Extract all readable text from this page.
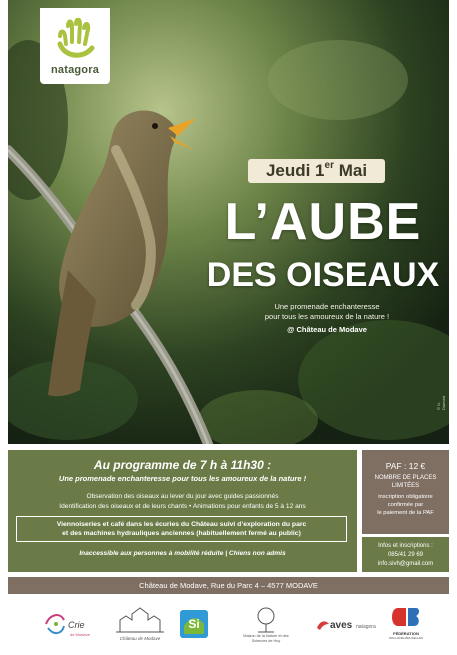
natagora
Jeudi 1er Mai
L’AUBE
DES OISEAUX
Une promenade enchanteresse
pour tous les amoureux de la nature !
@ Château de Modave
© N. Dumont
Au programme de 7 h à 11h30 :
Une promenade enchanteresse pour tous les amoureux de la nature !
Observation des oiseaux au lever du jour avec guides passionnés
Identification des oiseaux et de leurs chants • Animations pour enfants de 5 à 12 ans
Viennoiseries et café dans les écuries du Château suivi d’exploration du parc
et des machines hydrauliques anciennes (habituellement fermé au public)
Inaccessible aux personnes à mobilité réduite | Chiens non admis
PAF : 12 €
NOMBRE DE PLACES
LIMITÉES
inscription obligatoire
confirmée par
le paiement de la PAF
Infos et inscriptions :
085/41 29 69
info.sivh@gmail.com
Château de Modave, Rue du Parc 4 – 4577 MODAVE
Crie
de Modave
Château de Modave
Si
Maison de la Nature et des Sciences de Huy
aves natagora
FÉDÉRATION
WALLONIE-BRUXELLES
